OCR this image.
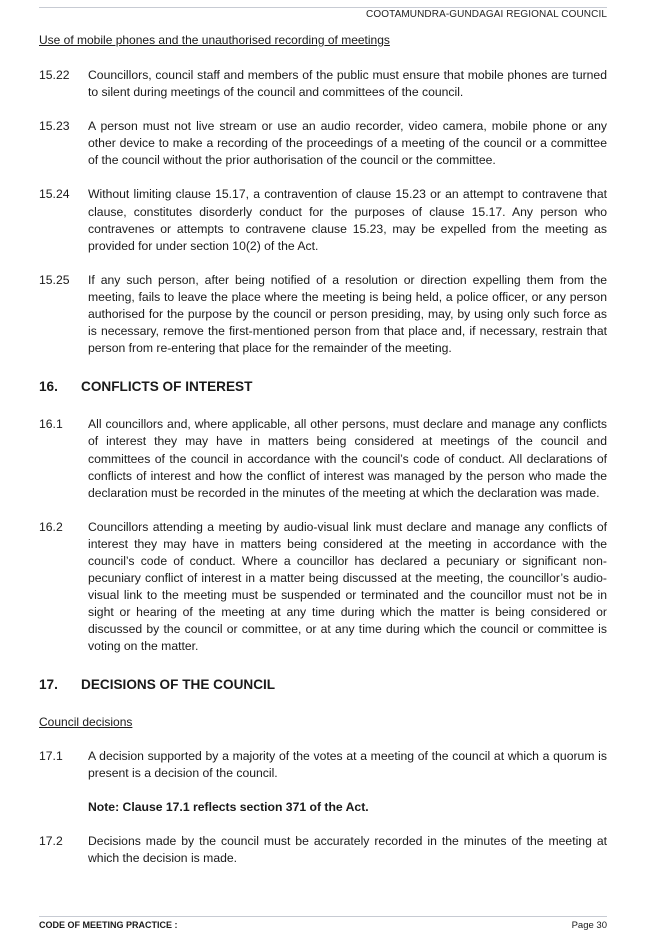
COOTAMUNDRA-GUNDAGAI REGIONAL COUNCIL

Use of mobile phones and the unauthorised recording of meetings

15.22	Councillors, council staff and members of the public must ensure that mobile phones are turned to silent during meetings of the council and committees of the council.
15.23	A person must not live stream or use an audio recorder, video camera, mobile phone or any other device to make a recording of the proceedings of a meeting of the council or a committee of the council without the prior authorisation of the council or the committee.
15.24	Without limiting clause 15.17, a contravention of clause 15.23 or an attempt to contravene that clause, constitutes disorderly conduct for the purposes of clause 15.17. Any person who contravenes or attempts to contravene clause 15.23, may be expelled from the meeting as provided for under section 10(2) of the Act.
15.25	If any such person, after being notified of a resolution or direction expelling them from the meeting, fails to leave the place where the meeting is being held, a police officer, or any person authorised for the purpose by the council or person presiding, may, by using only such force as is necessary, remove the first-mentioned person from that place and, if necessary, restrain that person from re-entering that place for the remainder of the meeting.
16.	CONFLICTS OF INTEREST
16.1	All councillors and, where applicable, all other persons, must declare and manage any conflicts of interest they may have in matters being considered at meetings of the council and committees of the council in accordance with the council’s code of conduct. All declarations of conflicts of interest and how the conflict of interest was managed by the person who made the declaration must be recorded in the minutes of the meeting at which the declaration was made.
16.2	Councillors attending a meeting by audio-visual link must declare and manage any conflicts of interest they may have in matters being considered at the meeting in accordance with the council’s code of conduct. Where a councillor has declared a pecuniary or significant non-pecuniary conflict of interest in a matter being discussed at the meeting, the councillor’s audio-visual link to the meeting must be suspended or terminated and the councillor must not be in sight or hearing of the meeting at any time during which the matter is being considered or discussed by the council or committee, or at any time during which the council or committee is voting on the matter.
17.	DECISIONS OF THE COUNCIL

Council decisions

17.1	A decision supported by a majority of the votes at a meeting of the council at which a quorum is present is a decision of the council.
Note: Clause 17.1 reflects section 371 of the Act.
17.2	Decisions made by the council must be accurately recorded in the minutes of the meeting at which the decision is made.
CODE OF MEETING PRACTICE :	Page 30
